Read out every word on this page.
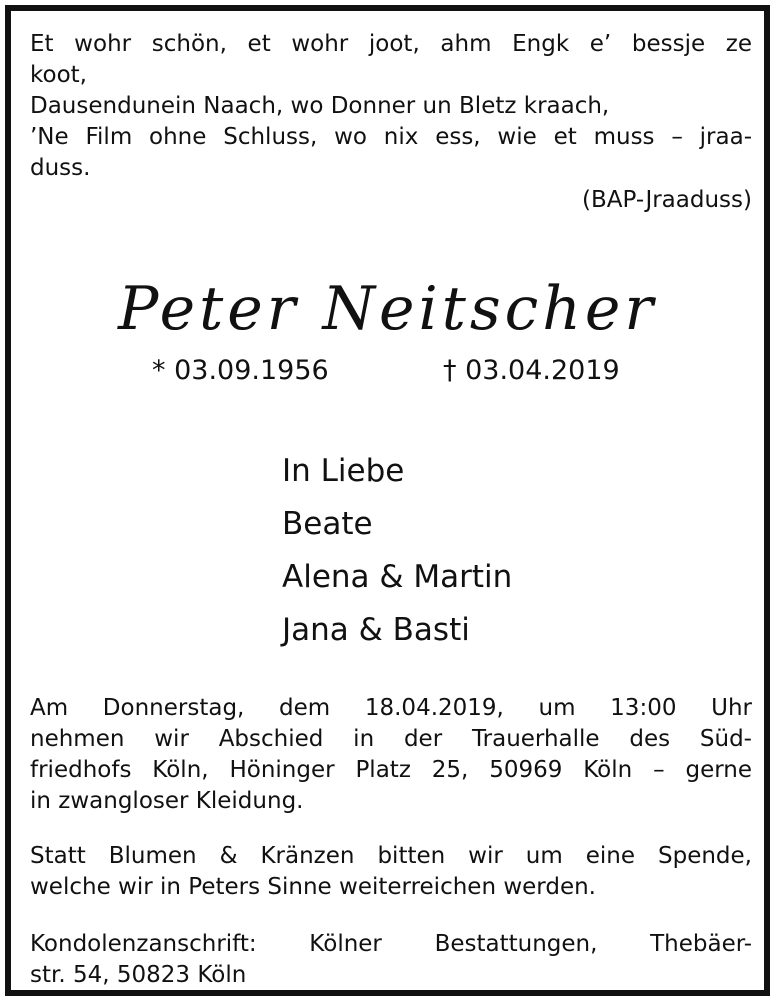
Et wohr schön, et wohr joot, ahm Engk e’ bessje ze
koot,
Dausendunein Naach, wo Donner un Bletz kraach,
’Ne Film ohne Schluss, wo nix ess, wie et muss – jraa-
duss.
(BAP-Jraaduss)
Peter Neitscher
* 03.09.1956	† 03.04.2019
In Liebe
Beate
Alena & Martin
Jana & Basti
Am Donnerstag, dem 18.04.2019, um 13:00 Uhr
nehmen wir Abschied in der Trauerhalle des Süd-
friedhofs Köln, Höninger Platz 25, 50969 Köln – gerne
in zwangloser Kleidung.
Statt Blumen & Kränzen bitten wir um eine Spende,
welche wir in Peters Sinne weiterreichen werden.
Kondolenzanschrift: Kölner Bestattungen, Thebäer-
str. 54, 50823 Köln
